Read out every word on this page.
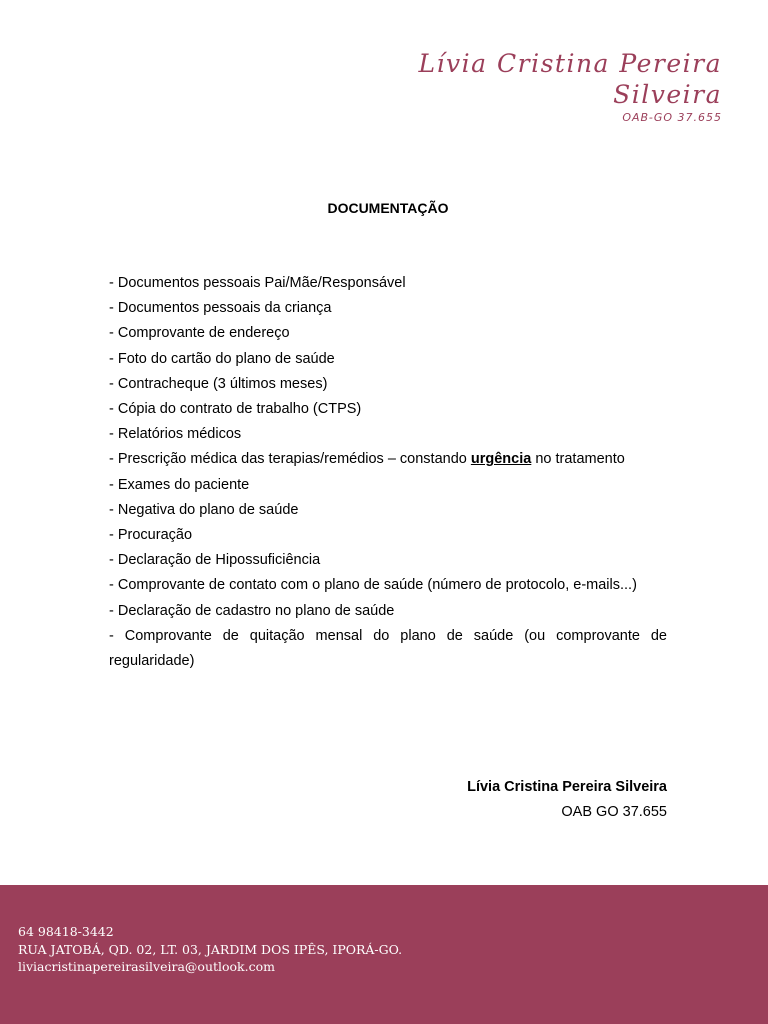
Lívia Cristina Pereira
Silveira
OAB-GO 37.655
DOCUMENTAÇÃO
- Documentos pessoais Pai/Mãe/Responsável
- Documentos pessoais da criança
- Comprovante de endereço
- Foto do cartão do plano de saúde
- Contracheque (3 últimos meses)
- Cópia do contrato de trabalho (CTPS)
- Relatórios médicos
- Prescrição médica das terapias/remédios – constando urgência no tratamento
- Exames do paciente
- Negativa do plano de saúde
- Procuração
- Declaração de Hipossuficiência
- Comprovante de contato com o plano de saúde (número de protocolo, e-mails...)
- Declaração de cadastro no plano de saúde
- Comprovante de quitação mensal do plano de saúde (ou comprovante de regularidade)
Lívia Cristina Pereira Silveira
OAB GO 37.655
64 98418-3442
RUA JATOBÁ, QD. 02, LT. 03, JARDIM DOS IPÊS, IPORÁ-GO.
liviacristinapereirasilveira@outlook.com
